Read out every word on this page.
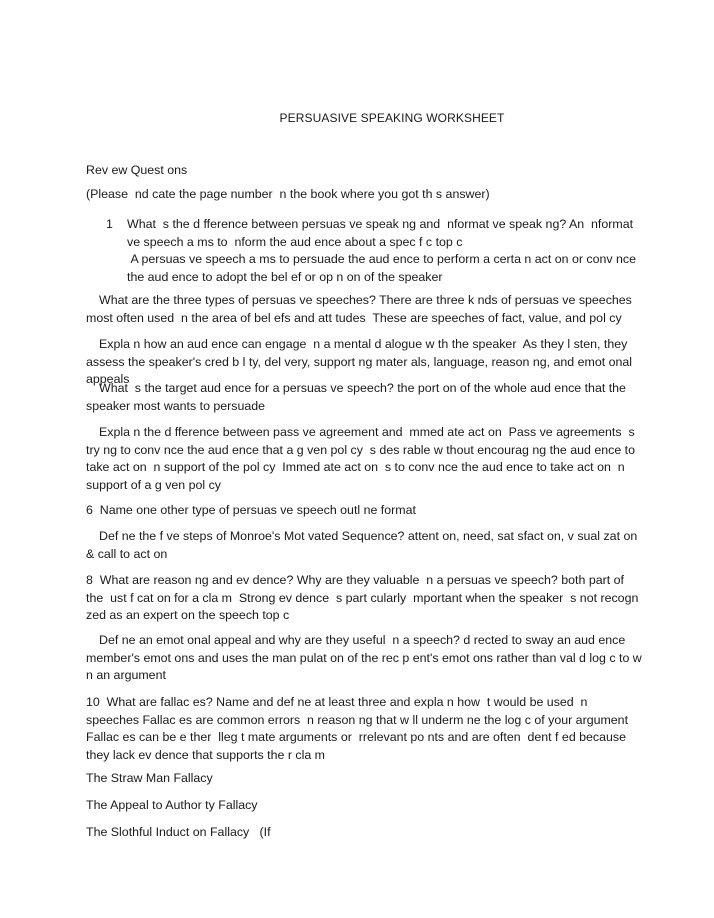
PERSUASIVE SPEAKING WORKSHEET
Rev ew Quest ons
(Please  nd cate the page number  n the book where you got th s answer)
1 What  s the d fference between persuas ve speak ng and  nformat ve speak ng? An  nformat ve speech a ms to  nform the aud ence about a spec f c top c
A persuas ve speech a ms to persuade the aud ence to perform a certa n act on or conv nce the aud ence to adopt the bel ef or op n on of the speaker
What are the three types of persuas ve speeches? There are three k nds of persuas ve speeches most often used  n the area of bel efs and att tudes  These are speeches of fact, value, and pol cy
Expla n how an aud ence can engage  n a mental d alogue w th the speaker  As they l sten, they assess the speaker's cred b l ty, del very, support ng mater als, language, reason ng, and emot onal appeals
What  s the target aud ence for a persuas ve speech? the port on of the whole aud ence that the speaker most wants to persuade
Expla n the d fference between pass ve agreement and  mmed ate act on  Pass ve agreements  s try ng to conv nce the aud ence that a g ven pol cy  s des rable w thout encourag ng the aud ence to take act on  n support of the pol cy  Immed ate act on  s to conv nce the aud ence to take act on  n support of a g ven pol cy
6  Name one other type of persuas ve speech outl ne format
Def ne the f ve steps of Monroe's Mot vated Sequence? attent on, need, sat sfact on, v sual zat on & call to act on
8  What are reason ng and ev dence? Why are they valuable  n a persuas ve speech? both part of the  ust f cat on for a cla m  Strong ev dence  s part cularly  mportant when the speaker  s not recogn zed as an expert on the speech top c
Def ne an emot onal appeal and why are they useful  n a speech? d rected to sway an aud ence member's emot ons and uses the man pulat on of the rec p ent's emot ons rather than val d log c to w n an argument
10  What are fallac es? Name and def ne at least three and expla n how  t would be used  n speeches Fallac es are common errors  n reason ng that w ll underm ne the log c of your argument  Fallac es can be e ther  lleg t mate arguments or  rrelevant po nts and are often  dent f ed because they lack ev dence that supports the r cla m
The Straw Man Fallacy
The Appeal to Author ty Fallacy
The Slothful Induct on Fallacy   (If
